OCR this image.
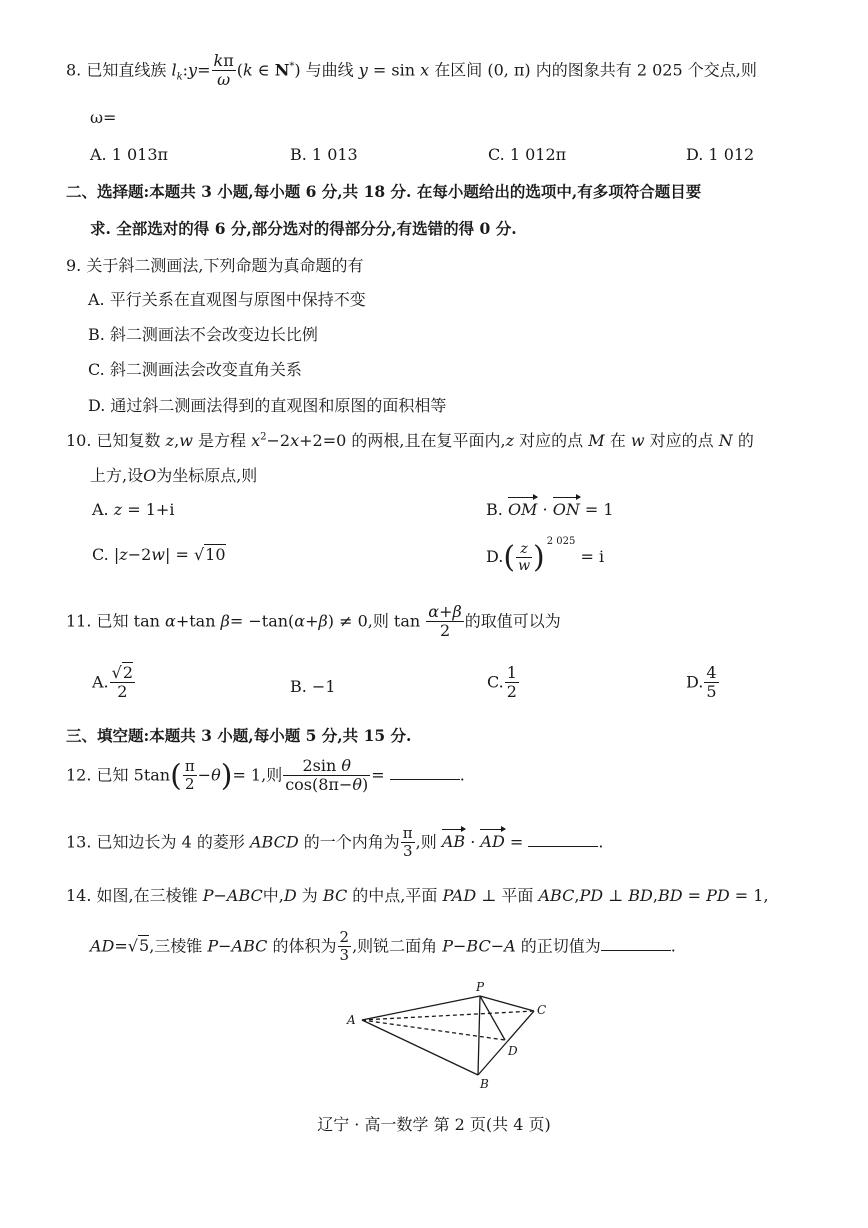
8. 已知直线族 $l_k:y= \frac{k\pi}{\omega} (k$ ∈ N*) 与曲线 y = sin x 在区间 (0, π) 内的图象共有 2 025 个交点,则
ω=
A. 1 013π	B. 1 013	C. 1 012π	D. 1 012
二、选择题:本题共 3 小题,每小题 6 分,共 18 分. 在每小题给出的选项中,有多项符合题目要
求. 全部选对的得 6 分,部分选对的得部分分,有选错的得 0 分.
9. 关于斜二测画法,下列命题为真命题的有
A. 平行关系在直观图与原图中保持不变
B. 斜二测画法不会改变边长比例
C. 斜二测画法会改变直角关系
D. 通过斜二测画法得到的直观图和原图的面积相等
10. 已知复数 z,w 是方程 $x^2-2x+2=0$ 的两根,且在复平面内,z 对应的点 M 在 w 对应的点 N 的
上方,设O为坐标原点,则
A. z = 1+i	B. OM · ON = 1
C. |z−2w| = √10	$D.( \frac{z}{w}$ ) $^{2 025}$ = i
11. 已知 tan α+tan β= −tan(α+β) ≠ 0,则 $\tan \frac{\alpha+\beta}{2}$ 的取值可以为
A. $\frac{√2}{2}$	B. −1	C. $\frac{1}{2}$	D. $\frac{4}{5}$
三、填空题:本题共 3 小题,每小题 5 分,共 15 分.
12. 已知 $5\tan( \frac{\pi}{2} -\theta)= 1$,则 $\frac{\text{2sin θ}}{\cos(8\pi-\theta)}$ =	.
13. 已知边长为 4 的菱形 ABCD 的一个内角为 $\frac{\pi}{3}$ ,则 AB · AD =	.
14. 如图,在三棱锥 P−ABC中,D 为 BC 的中点,平面 PAD ⊥ 平面 ABC,PD ⊥ BD,BD = PD = 1,
AD=√5,三棱锥 P−ABC 的体积为 $\frac{2}{3}$ ,则锐二面角 P−BC−A 的正切值为	.
P
A
C
D
B
辽宁 · 高一数学 第 2 页(共 4 页)
